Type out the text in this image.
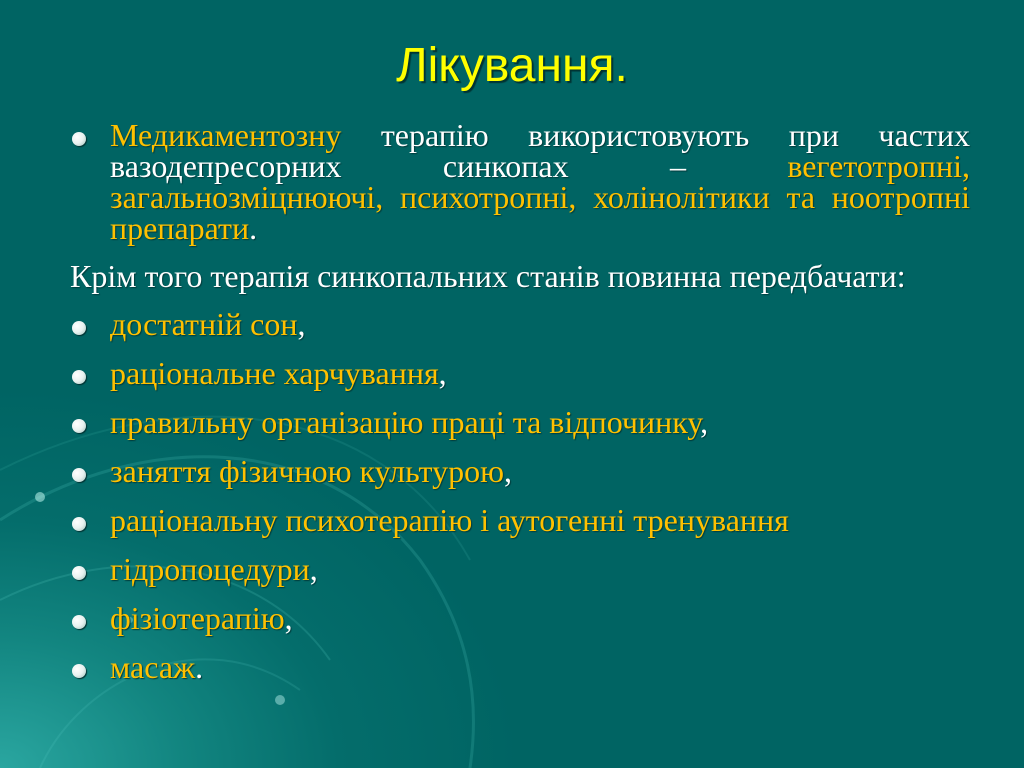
Лікування.

Медикаментозну терапію використовують при частих вазодепресорних синкопах – вегетотропні, загальнозміцнюючі, психотропні, холінолітики та ноотропні препарати.

Крім того терапія синкопальних станів повинна передбачати:

достатній сон,

раціональне харчування,

правильну організацію праці та відпочинку,

заняття фізичною культурою,

раціональну психотерапію і аутогенні тренування

гідропоцедури,

фізіотерапію,

масаж.
